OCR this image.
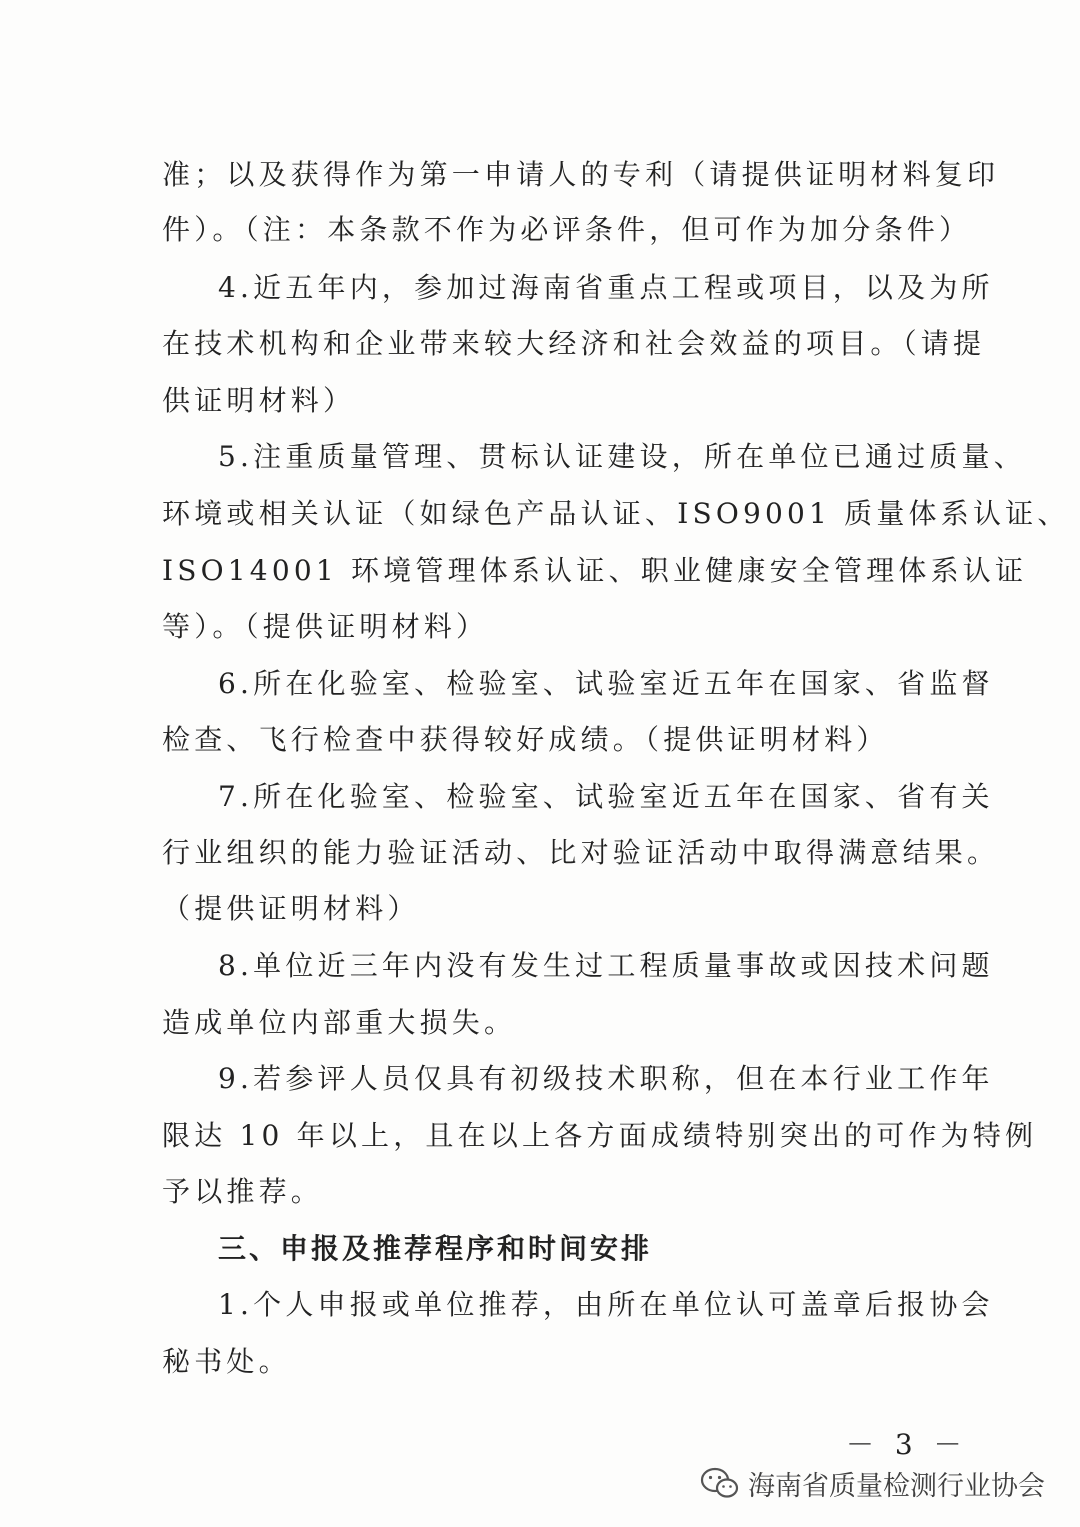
准；以及获得作为第一申请人的专利（请提供证明材料复印
件）。（注：本条款不作为必评条件，但可作为加分条件）
4.近五年内，参加过海南省重点工程或项目，以及为所
在技术机构和企业带来较大经济和社会效益的项目。（请提
供证明材料）
5.注重质量管理、贯标认证建设，所在单位已通过质量、
环境或相关认证（如绿色产品认证、ISO9001 质量体系认证、
ISO14001 环境管理体系认证、职业健康安全管理体系认证
等）。（提供证明材料）
6.所在化验室、检验室、试验室近五年在国家、省监督
检查、飞行检查中获得较好成绩。（提供证明材料）
7.所在化验室、检验室、试验室近五年在国家、省有关
行业组织的能力验证活动、比对验证活动中取得满意结果。
（提供证明材料）
8.单位近三年内没有发生过工程质量事故或因技术问题
造成单位内部重大损失。
9.若参评人员仅具有初级技术职称，但在本行业工作年
限达 10 年以上，且在以上各方面成绩特别突出的可作为特例
予以推荐。
三、申报及推荐程序和时间安排
1.个人申报或单位推荐，由所在单位认可盖章后报协会
秘书处。
－ 3 －
海南省质量检测行业协会
